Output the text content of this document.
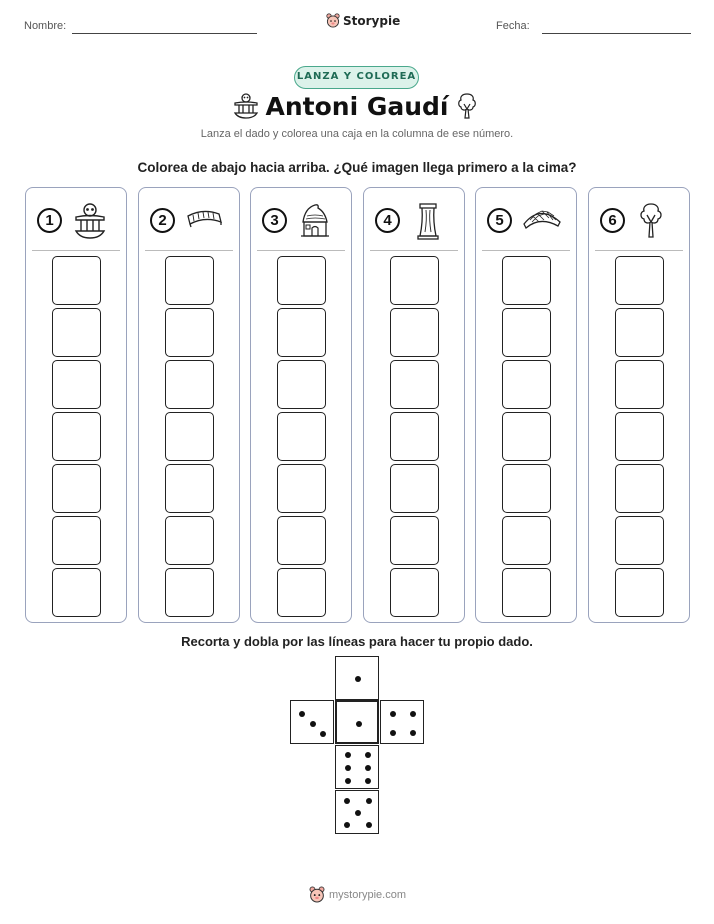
Nombre:	Storypie	Fecha:
LANZA Y COLOREA
Antoni Gaudí
Lanza el dado y colorea una caja en la columna de ese número.
Colorea de abajo hacia arriba. ¿Qué imagen llega primero a la cima?
1	2	3	4	5	6
Recorta y dobla por las líneas para hacer tu propio dado.
mystorypie.com
